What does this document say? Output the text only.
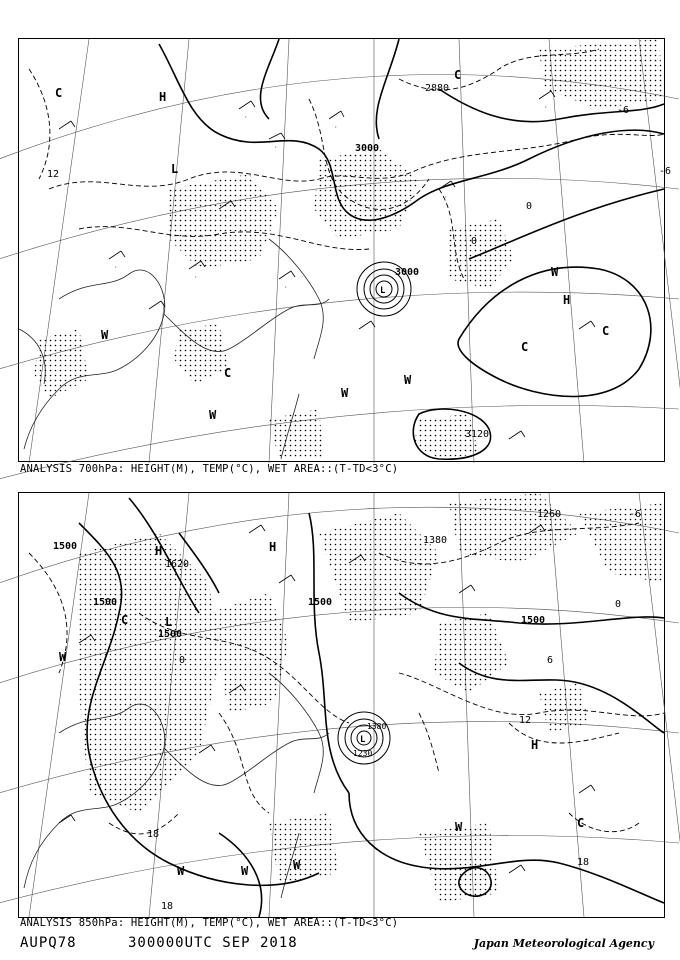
·
·
·
·
·
·
·
·
·
H
L
H
L
C
C
W
W
W
W
W
C
C
C
3000
3000
2880
3120
-6
0
12
0
-6
ANALYSIS 700hPa: HEIGHT(M), TEMP(°C), WET AREA::(T-TD<3°C)
H	H
L
L
C
W
W	W	W
W
H
C
1500
1500
1500
1500
1500
1620
1380
1260
1380
1230
12
18
18
18
0
0
6
-6
ANALYSIS 850hPa: HEIGHT(M), TEMP(°C), WET AREA::(T-TD<3°C)
AUPQ78	300000UTC SEP 2018	Japan Meteorological Agency
